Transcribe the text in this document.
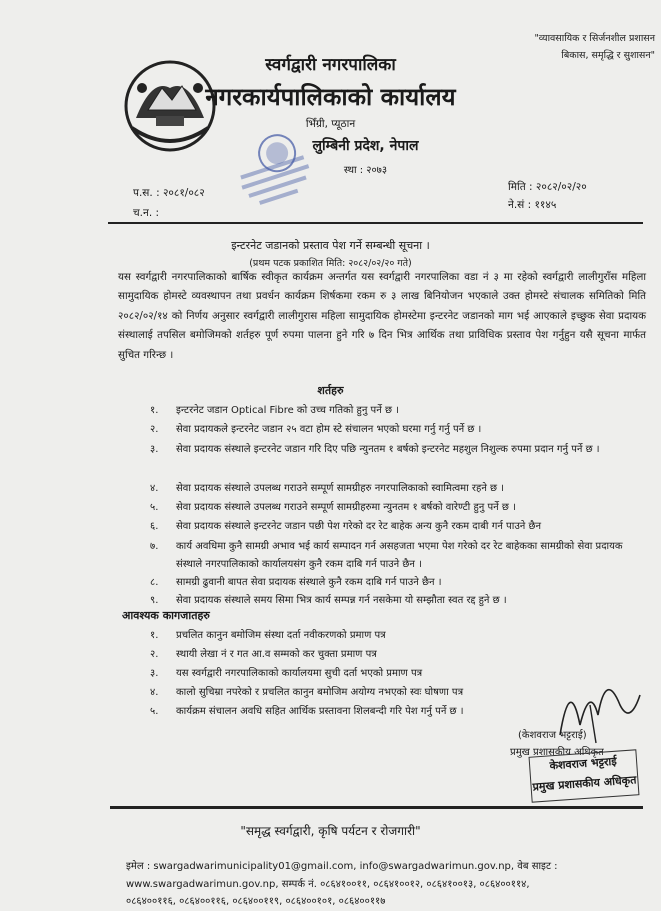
"व्यावसायिक र सिर्जनशील प्रशासन
बिकास, समृद्धि र सुशासन"
स्वर्गद्वारी नगरपालिका
नगरकार्यपालिकाको कार्यालय
भिँग्री, प्यूठान
लुम्बिनी प्रदेश, नेपाल
स्था : २०७३
प.स. : २०८१/०८२
च.न. :
मिति : २०८२/०२/२०
ने.सं : ११४५
इन्टरनेट जडानको प्रस्ताव पेश गर्ने सम्बन्धी सूचना ।
(प्रथम पटक प्रकाशित मिति: २०८२/०२/२० गते)
यस स्वर्गद्वारी नगरपालिकाको बार्षिक स्वीकृत कार्यक्रम अन्तर्गत यस स्वर्गद्वारी नगरपालिका वडा नं ३ मा रहेको स्वर्गद्वारी लालीगुराँस महिला सामुदायिक होमस्टे व्यवस्थापन तथा प्रवर्धन कार्यक्रम शिर्षकमा रकम रु ३ लाख बिनियोजन भएकाले उक्त होमस्टे संचालक समितिको मिति २०८२/०२/१४ को निर्णय अनुसार स्वर्गद्वारी लालीगुरास महिला सामुदायिक होमस्टेमा इन्टरनेट जडानको माग भई आएकाले इच्छुक सेवा प्रदायक संस्थालाई तपसिल बमोजिमको शर्तहरु पूर्ण रुपमा पालना हुने गरि ७ दिन भित्र आर्थिक तथा प्राविधिक प्रस्ताव पेश गर्नुहुन यसै सूचना मार्फत सुचित गरिन्छ ।
शर्तहरु
१.	इन्टरनेट जडान Optical Fibre को उच्च गतिको हुनु पर्ने छ ।
२.	सेवा प्रदायकले इन्टरनेट जडान २५ वटा होम स्टे संचालन भएको घरमा गर्नु गर्नु पर्ने छ ।
३.	सेवा प्रदायक संस्थाले इन्टरनेट जडान गरि दिए पछि न्युनतम १ बर्षको इन्टरनेट महशुल निशुल्क रुपमा प्रदान गर्नु पर्ने छ ।
४.	सेवा प्रदायक संस्थाले उपलब्ध गराउने सम्पूर्ण सामग्रीहरु नगरपालिकाको स्वामित्वमा रहने छ ।
५.	सेवा प्रदायक संस्थाले उपलब्ध गराउने सम्पूर्ण सामग्रीहरुमा न्युनतम १ बर्षको वारेण्टी हुनु पर्ने छ ।
६.	सेवा प्रदायक संस्थाले इन्टरनेट जडान पछी पेश गरेको दर रेट बाहेक अन्य कुनै रकम दाबी गर्न पाउने छैन
७.	कार्य अवधिमा कुनै सामग्री अभाव भई कार्य सम्पादन गर्न असहजता भएमा पेश गरेको दर रेट बाहेकका सामग्रीको सेवा प्रदायक संस्थाले नगरपालिकाको कार्यालयसंग कुनै रकम दाबि गर्न पाउने छैन ।
८.	सामग्री ढुवानी बापत सेवा प्रदायक संस्थाले कुनै रकम दाबि गर्न पाउने छैन ।
९.	सेवा प्रदायक संस्थाले समय सिमा भित्र कार्य सम्पन्न गर्न नसकेमा यो सम्झौता स्वत रद्द हुने छ ।
आवश्यक कागजातहरु
१.	प्रचलित कानुन बमोजिम संस्था दर्ता नवीकरणको प्रमाण पत्र
२.	स्थायी लेखा नं र गत आ.व सम्मको कर चुक्ता प्रमाण पत्र
३.	यस स्वर्गद्वारी नगरपालिकाको कार्यालयमा सुची दर्ता भएको प्रमाण पत्र
४.	कालो सुचिम्रा नपरेको र प्रचलित कानुन बमोजिम अयोग्य नभएको स्वः घोषणा पत्र
५.	कार्यक्रम संचालन अवधि सहित आर्थिक प्रस्तावना शिलबन्दी गरि पेश गर्नु पर्ने छ ।
(केशवराज भट्टराई)
प्रमुख प्रशासकीय अधिकृत
केशवराज भट्टराई
प्रमुख प्रशासकीय अधिकृत
"समृद्ध स्वर्गद्वारी, कृषि पर्यटन र रोजगारी"
इमेल : swargadwarimunicipality01@gmail.com, info@swargadwarimun.gov.np, वेब साइट :
www.swargadwarimun.gov.np, सम्पर्क नं. ०८६४१००११, ०८६४१००१२, ०८६४१००१३, ०८६४००११४,
०८६४००११६, ०८६४००११६, ०८६४००११९, ०८६४००१०१, ०८६४००११७
